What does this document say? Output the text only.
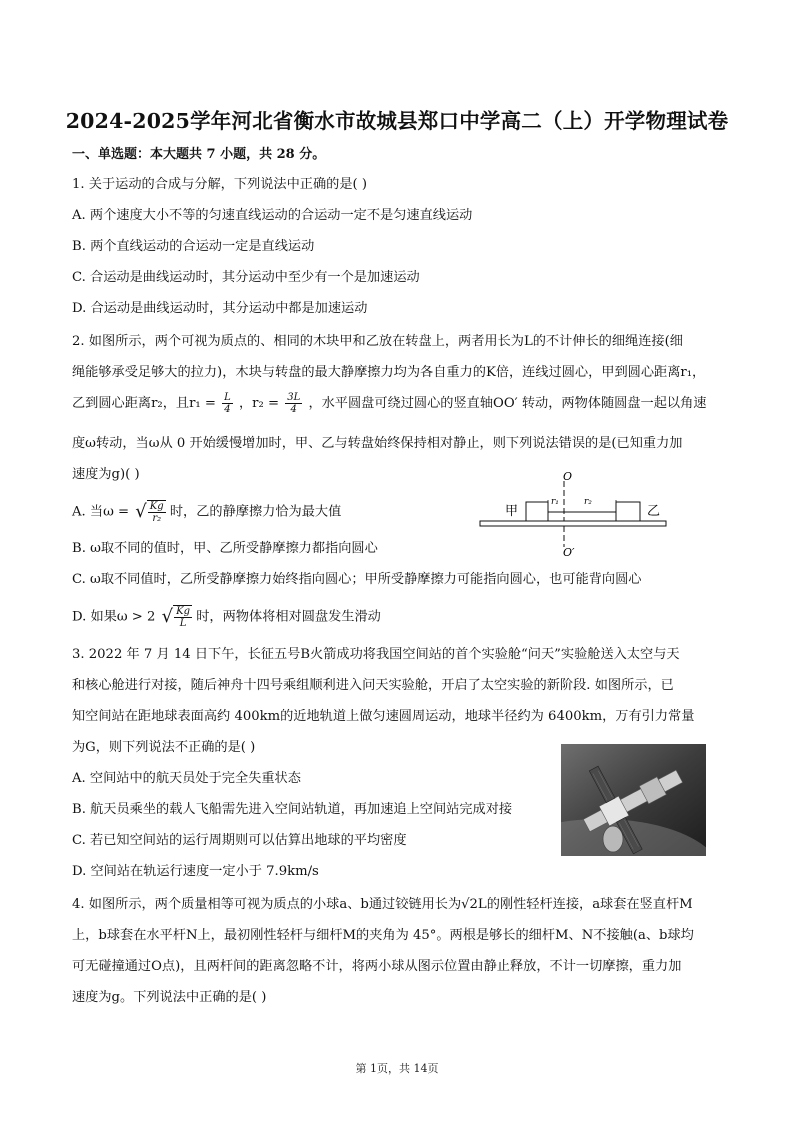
2024-2025学年河北省衡水市故城县郑口中学高二（上）开学物理试卷
一、单选题：本大题共 7 小题，共 28 分。
1. 关于运动的合成与分解，下列说法中正确的是( )
A. 两个速度大小不等的匀速直线运动的合运动一定不是匀速直线运动
B. 两个直线运动的合运动一定是直线运动
C. 合运动是曲线运动时，其分运动中至少有一个是加速运动
D. 合运动是曲线运动时，其分运动中都是加速运动
2. 如图所示，两个可视为质点的、相同的木块甲和乙放在转盘上，两者用长为L的不计伸长的细绳连接(细
绳能够承受足够大的拉力)，木块与转盘的最大静摩擦力均为各自重力的K倍，连线过圆心，甲到圆心距离r₁，
乙到圆心距离r₂，且$r_1 = \frac{L}{4}$ ，$r_2 = \frac{3L}{4}$ ，水平圆盘可绕过圆心的竖直轴OO′ 转动，两物体随圆盘一起以角速
度ω转动，当ω从 0 开始缓慢增加时，甲、乙与转盘始终保持相对静止，则下列说法错误的是(已知重力加
速度为g)( )
A. 当ω = √ $\frac{Kg}{\text{r₂}}$ 时，乙的静摩擦力恰为最大值
B. ω取不同的值时，甲、乙所受静摩擦力都指向圆心
C. ω取不同值时，乙所受静摩擦力始终指向圆心；甲所受静摩擦力可能指向圆心，也可能背向圆心
D. 如果ω > 2 √ $\frac{Kg}{L}$ 时，两物体将相对圆盘发生滑动
甲	乙
O
O′
r₁	r₂
3. 2022 年 7 月 14 日下午，长征五号B火箭成功将我国空间站的首个实验舱“问天”实验舱送入太空与天
和核心舱进行对接，随后神舟十四号乘组顺利进入问天实验舱，开启了太空实验的新阶段. 如图所示，已
知空间站在距地球表面高约 400km的近地轨道上做匀速圆周运动，地球半径约为 6400km，万有引力常量
为G，则下列说法不正确的是( )
A. 空间站中的航天员处于完全失重状态
B. 航天员乘坐的载人飞船需先进入空间站轨道，再加速追上空间站完成对接
C. 若已知空间站的运行周期则可以估算出地球的平均密度
D. 空间站在轨运行速度一定小于 7.9km/s
4. 如图所示，两个质量相等可视为质点的小球a、b通过铰链用长为√2L的刚性轻杆连接，a球套在竖直杆M
上，b球套在水平杆N上，最初刚性轻杆与细杆M的夹角为 45°。两根是够长的细杆M、N不接触(a、b球均
可无碰撞通过O点)，且两杆间的距离忽略不计，将两小球从图示位置由静止释放，不计一切摩擦，重力加
速度为g。下列说法中正确的是( )
第 1页，共 14页
